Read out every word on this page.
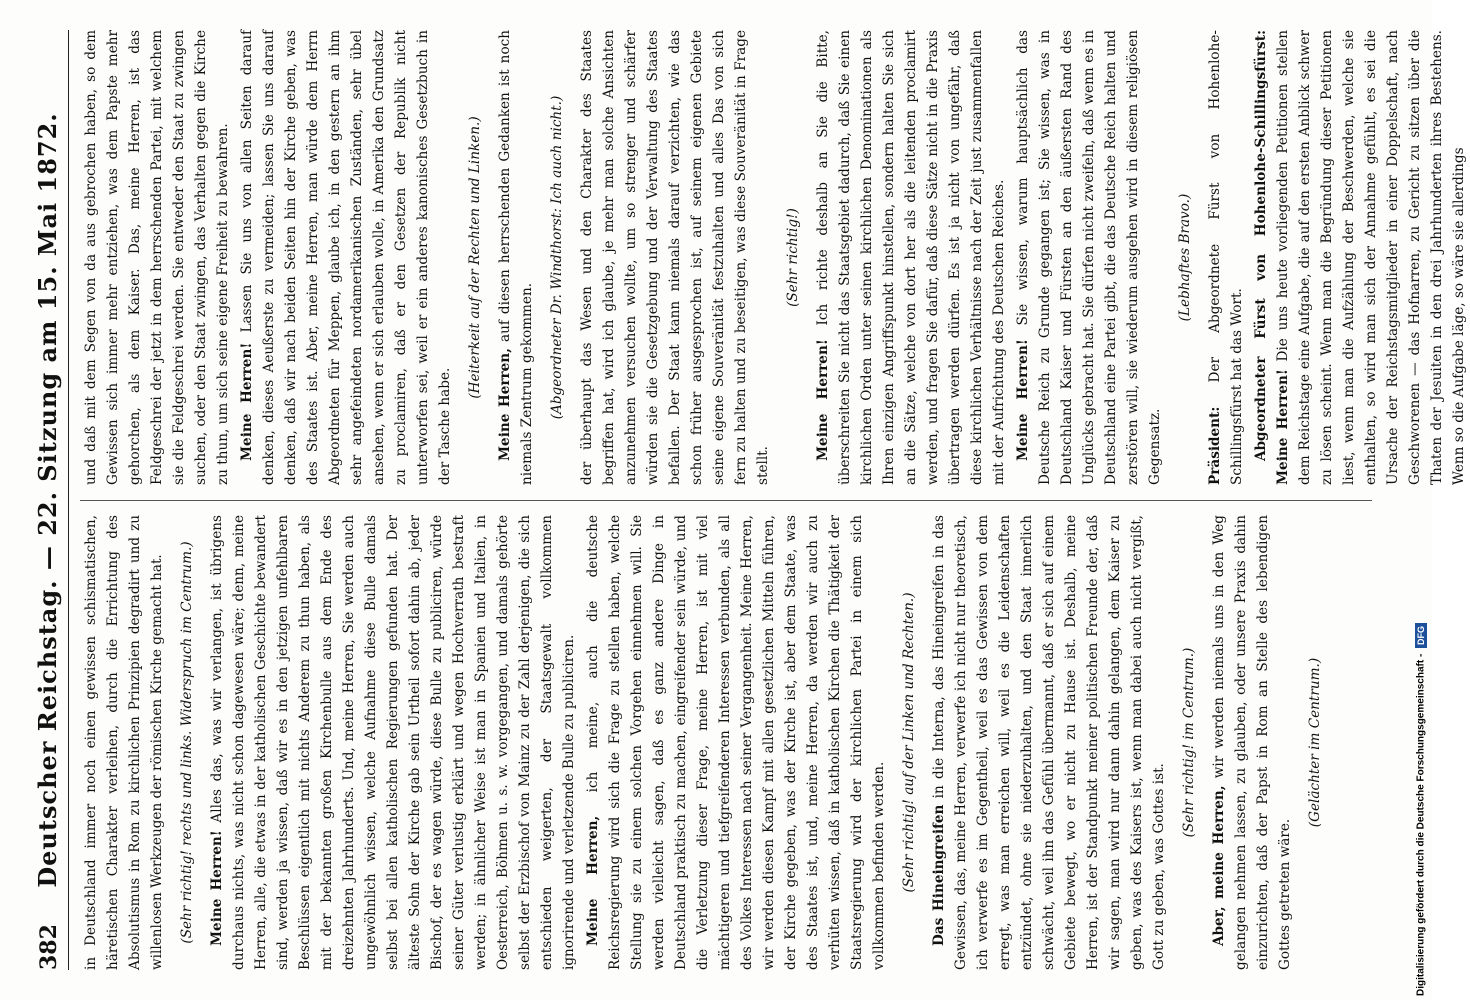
382
Deutscher Reichstag. — 22. Sitzung am 15. Mai 1872. in Deutschland immer noch einen gewissen schismatischen, häretischen Charakter verleihen, durch die Errichtung des Absolutismus in Rom zu kirchlichen Prinzipien degradirt und zu willenlosen Werkzeugen der römischen Kirche gemacht hat. (Sehr richtig! rechts und links. Widerspruch im Centrum.) Meine Herren! Alles das, was wir verlangen, ist übrigens durchaus nichts, was nicht schon dagewesen wäre; denn, meine Herren, alle, die etwas in der katholischen Geschichte bewandert sind, werden ja wissen, daß wir es in den jetzigen unfehlbaren Beschlüssen eigentlich mit nichts Anderem zu thun haben, als mit der bekannten großen Kirchenbulle aus dem Ende des dreizehnten Jahrhunderts. Und, meine Herren, Sie werden auch ungewöhnlich wissen, welche Aufnahme diese Bulle damals selbst bei allen katholischen Regierungen gefunden hat. Der älteste Sohn der Kirche gab sein Urtheil sofort dahin ab, jeder Bischof, der es wagen würde, diese Bulle zu publiciren, würde seiner Güter verlustig erklärt und wegen Hochverrath bestraft werden; in ähnlicher Weise ist man in Spanien und Italien, in Oesterreich, Böhmen u. s. w. vorgegangen, und damals gehörte selbst der Erzbischof von Mainz zu der Zahl derjenigen, die sich entschieden weigerten, der Staatsgewalt vollkommen ignorirende und verletzende Bulle zu publiciren. Meine Herren, ich meine, auch die deutsche Reichsregierung wird sich die Frage zu stellen haben, welche Stellung sie zu einem solchen Vorgehen einnehmen will. Sie werden vielleicht sagen, daß es ganz andere Dinge in Deutschland praktisch zu machen, eingreifender sein würde, und die Verletzung dieser Frage, meine Herren, ist mit viel mächtigeren und tiefgreifenderen Interessen verbunden, als all des Volkes Interessen nach seiner Vergangenheit. Meine Herren, wir werden diesen Kampf mit allen gesetzlichen Mitteln führen, der Kirche gegeben, was der Kirche ist, aber dem Staate, was des Staates ist, und, meine Herren, da werden wir auch zu verhüten wissen, daß in katholischen Kirchen die Thätigkeit der Staatsregierung wird der kirchlichen Partei in einem sich vollkommen befinden werden. (Sehr richtig! auf der Linken und Rechten.) Das Hineingreifen in die Interna, das Hineingreifen in das Gewissen, das, meine Herren, verwerfe ich nicht nur theoretisch, ich verwerfe es im Gegentheil, weil es das Gewissen von dem erregt, was man erreichen will, weil es die Leidenschaften entzündet, ohne sie niederzuhalten, und den Staat innerlich schwächt, weil ihn das Gefühl übermannt, daß er sich auf einem Gebiete bewegt, wo er nicht zu Hause ist. Deshalb, meine Herren, ist der Standpunkt meiner politischen Freunde der, daß wir sagen, man wird nur dann dahin gelangen, dem Kaiser zu geben, was des Kaisers ist, wenn man dabei auch nicht vergißt, Gott zu geben, was Gottes ist.
(Sehr richtig! im Centrum.)
Aber, meine Herren, wir werden niemals uns in den Weg gelangen nehmen lassen, zu glauben, oder unsere Praxis dahin einzurichten, daß der Papst in Rom an Stelle des lebendigen Gottes getreten wäre.
(Gelächter im Centrum.)
und daß mit dem Segen von da aus gebrochen haben, so dem Gewissen sich immer mehr entziehen, was dem Papste mehr gehorchen, als dem Kaiser. Das, meine Herren, ist das Feldgeschrei der jetzt in dem herrschenden Partei, mit welchem sie die Feldgeschrei werden. Sie entweder den Staat zu zwingen suchen, oder den Staat zwingen, das Verhalten gegen die Kirche zu thun, um sich seine eigene Freiheit zu bewahren. Meine Herren! Lassen Sie uns von allen Seiten darauf denken, dieses Aeußerste zu vermeiden; lassen Sie uns darauf denken, daß wir nach beiden Seiten hin der Kirche geben, was des Staates ist. Aber, meine Herren, man würde dem Herrn Abgeordneten für Meppen, glaube ich, in den gestern an ihm sehr angefeindeten nordamerikanischen Zuständen, sehr übel ansehen, wenn er sich erlauben wolle, in Amerika den Grundsatz zu proclamiren, daß er den Gesetzen der Republik nicht unterworfen sei, weil er ein anderes kanonisches Gesetzbuch in der Tasche habe.
(Heiterkeit auf der Rechten und Linken.)
Meine Herren, auf diesen herrschenden Gedanken ist noch niemals Zentrum gekommen. (Abgeordneter Dr. Windthorst: Ich auch nicht.) der überhaupt das Wesen und den Charakter des Staates begriffen hat, wird ich glaube, je mehr man solche Ansichten anzunehmen versuchen wollte, um so strenger und schärfer würden sie die Gesetzgebung und der Verwaltung des Staates befallen. Der Staat kann niemals darauf verzichten, wie das schon früher ausgesprochen ist, auf seinem eigenen Gebiete seine eigene Souveränität festzuhalten und alles Das von sich fern zu halten und zu beseitigen, was diese Souveränität in Frage stellt.
(Sehr richtig!)
Meine Herren! Ich richte deshalb an Sie die Bitte, überschreiten Sie nicht das Staatsgebiet dadurch, daß Sie einen kirchlichen Orden unter seinen kirchlichen Denominationen als Ihren einzigen Angriffspunkt hinstellen, sondern halten Sie sich an die Sätze, welche von dort her als die leitenden proclamirt werden, und fragen Sie dafür, daß diese Sätze nicht in die Praxis übertragen werden dürfen. Es ist ja nicht von ungefähr, daß diese kirchlichen Verhältnisse nach der Zeit just zusammenfallen mit der Aufrichtung des Deutschen Reiches. Meine Herren! Sie wissen, warum hauptsächlich das Deutsche Reich zu Grunde gegangen ist; Sie wissen, was in Deutschland Kaiser und Fürsten an den äußersten Rand des Unglücks gebracht hat. Sie dürfen nicht zweifeln, daß wenn es in Deutschland eine Partei gibt, die das Deutsche Reich halten und zerstören will, sie wiederum ausgehen wird in diesem religiösen Gegensatz.
(Lebhaftes Bravo.)
Präsident: Der Abgeordnete Fürst von Hohenlohe-Schillingsfürst hat das Wort. Abgeordneter Fürst von Hohenlohe-Schillingsfürst: Meine Herren! Die uns heute vorliegenden Petitionen stellen dem Reichstage eine Aufgabe, die auf den ersten Anblick schwer zu lösen scheint. Wenn man die Begründung dieser Petitionen liest, wenn man die Aufzählung der Beschwerden, welche sie enthalten, so wird man sich der Annahme gefühlt, es sei die Ursache der Reichstagsmitglieder in einer Doppelschaft, nach Geschworenen — das Hofnarren, zu Gericht zu sitzen über die Thaten der Jesuiten in den drei Jahrhunderten ihres Bestehens. Wenn so die Aufgabe läge, so wäre sie allerdings
Digitalisierung gefördert durch die Deutsche Forschungsgemeinschaft -
DFG
